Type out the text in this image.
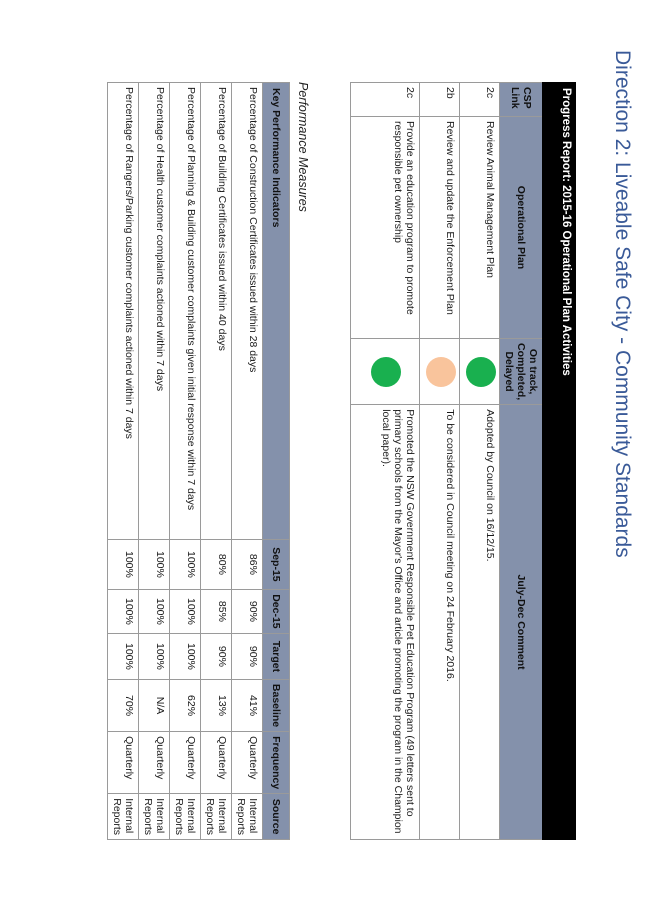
Direction 2: Liveable Safe City - Community Standards
Progress Report: 2015-16 Operational Plan Activities			
CSP Link	Operational Plan	On track, Completed, Delayed	July-Dec Comment
2c	Review Animal Management Plan		Adopted by Council on 16/12/15.
2b	Review and update the Enforcement Plan		To be considered in Council meeting on 24 February 2016.
2c	Provide an education program to promote responsible pet ownership		Promoted the NSW Government Responsible Pet Education Program (49 letters sent to primary schools from the Mayor's Office and article promoting the program in the Champion local paper).
Performance Measures
Key Performance Indicators	Sep-15	Dec-15	Target	Baseline	Frequency	Source
Percentage of Construction Certificates issued within 28 days	86%	90%	90%	41%	Quarterly	Internal Reports
Percentage of Building Certificates issued within 40 days	80%	85%	90%	13%	Quarterly	Internal Reports
Percentage of Planning & Building customer complaints given initial response within 7 days	100%	100%	100%	62%	Quarterly	Internal Reports
Percentage of Health customer complaints actioned within 7 days	100%	100%	100%	N/A	Quarterly	Internal Reports
Percentage of Rangers/Parking customer complaints actioned within 7 days	100%	100%	100%	70%	Quarterly	Internal Reports
